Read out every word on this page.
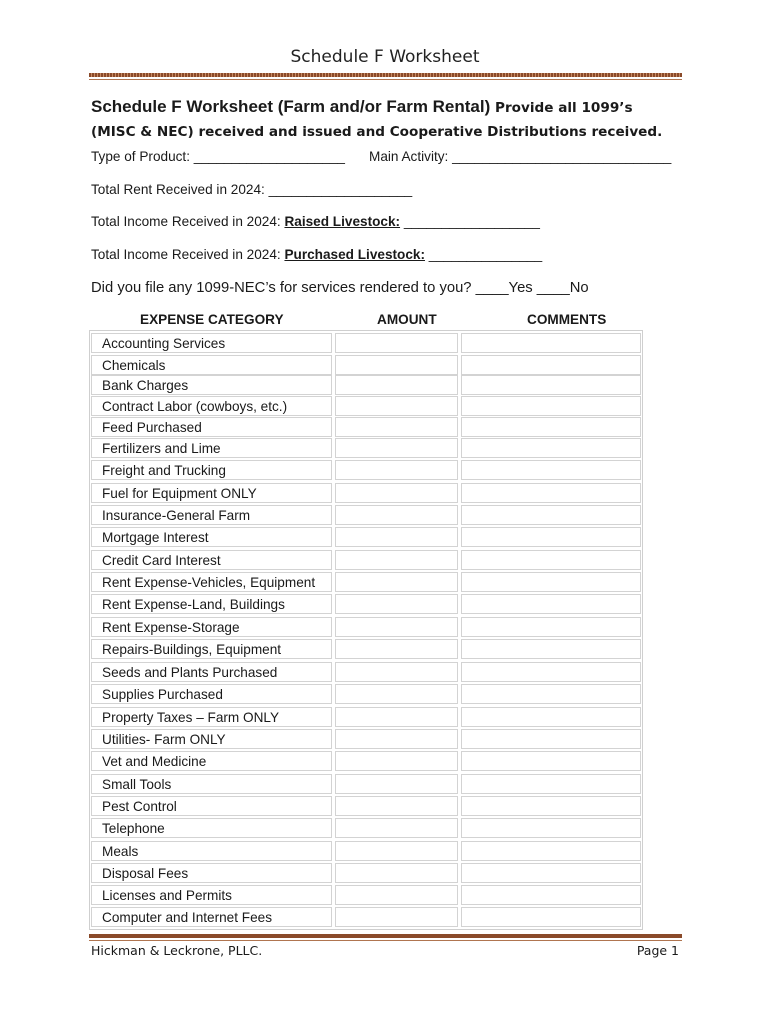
Schedule F Worksheet
Schedule F Worksheet (Farm and/or Farm Rental) Provide all 1099’s
(MISC & NEC) received and issued and Cooperative Distributions received.
Type of Product: ____________________ Main Activity: _____________________________
Total Rent Received in 2024: ___________________
Total Income Received in 2024: Raised Livestock: __________________
Total Income Received in 2024: Purchased Livestock: _______________
Did you file any 1099-NEC’s for services rendered to you? ____Yes ____No
EXPENSE CATEGORY	AMOUNT	COMMENTS
Accounting Services
Chemicals
Bank Charges
Contract Labor (cowboys, etc.)
Feed Purchased
Fertilizers and Lime
Freight and Trucking
Fuel for Equipment ONLY
Insurance-General Farm
Mortgage Interest
Credit Card Interest
Rent Expense-Vehicles, Equipment
Rent Expense-Land, Buildings
Rent Expense-Storage
Repairs-Buildings, Equipment
Seeds and Plants Purchased
Supplies Purchased
Property Taxes – Farm ONLY
Utilities- Farm ONLY
Vet and Medicine
Small Tools
Pest Control
Telephone
Meals
Disposal Fees
Licenses and Permits
Computer and Internet Fees
Hickman & Leckrone, PLLC.	Page 1
